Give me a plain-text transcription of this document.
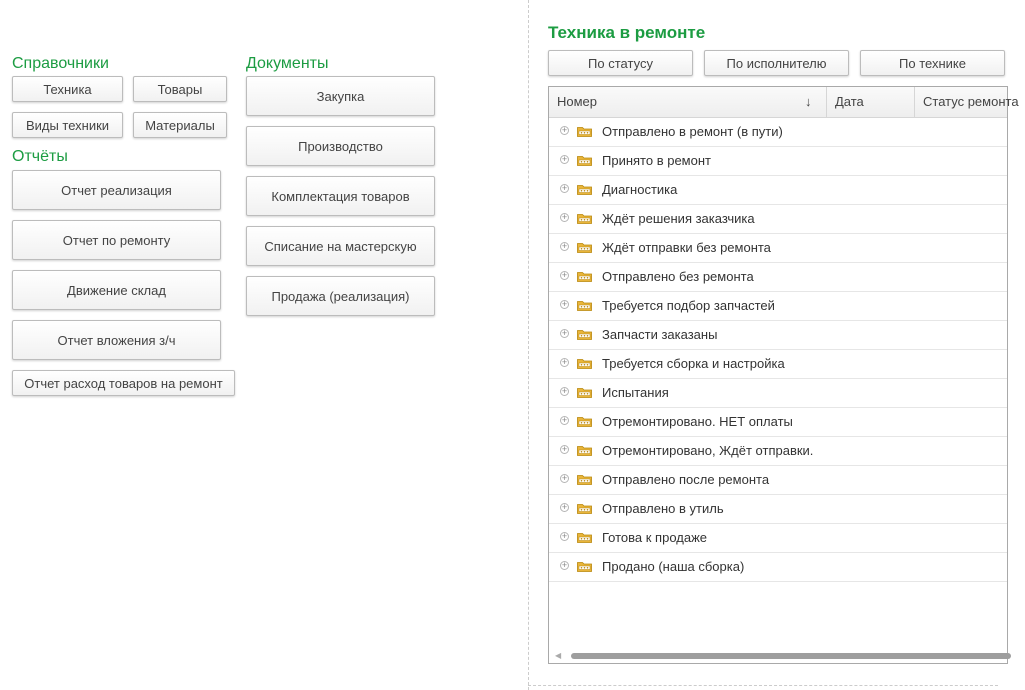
Справочники
Техника	Товары
Виды техники	Материалы
Отчёты
Отчет реализация
Отчет по ремонту
Движение склад
Отчет вложения з/ч
Отчет расход товаров на ремонт
Документы
Закупка
Производство
Комплектация товаров
Списание на мастерскую
Продажа (реализация)
Техника в ремонте
По статусу	По исполнителю	По технике
Номер	↓	Дата	Статус ремонта
+	Отправлено в ремонт (в пути)
+	Принято в ремонт
+	Диагностика
+	Ждёт решения заказчика
+	Ждёт отправки без ремонта
+	Отправлено без ремонта
+	Требуется подбор запчастей
+	Запчасти заказаны
+	Требуется сборка и настройка
+	Испытания
+	Отремонтировано. НЕТ оплаты
+	Отремонтировано, Ждёт отправки.
+	Отправлено после ремонта
+	Отправлено в утиль
+	Готова к продаже
+	Продано (наша сборка)
◀
